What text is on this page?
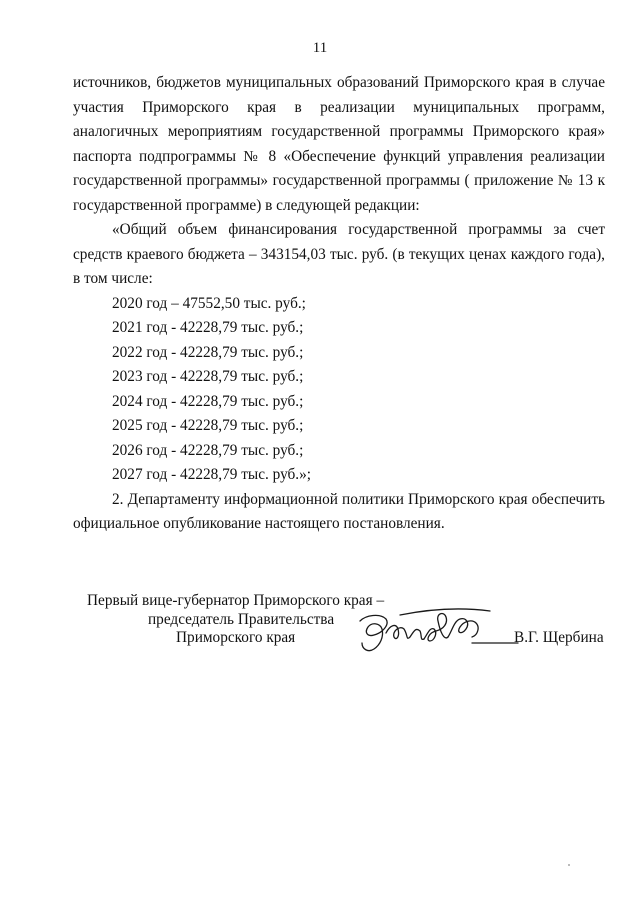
11

источников, бюджетов муниципальных образований Приморского края в случае участия Приморского края в реализации муниципальных программ, аналогичных мероприятиям государственной программы Приморского края» паспорта подпрограммы № 8 «Обеспечение функций управления реализации государственной программы» государственной программы ( приложение № 13 к государственной программе) в следующей редакции:

«Общий объем финансирования государственной программы за счет средств краевого бюджета – 343154,03 тыс. руб. (в текущих ценах каждого года), в том числе:

2020 год – 47552,50 тыс. руб.;
2021 год - 42228,79 тыс. руб.;
2022 год - 42228,79 тыс. руб.;
2023 год - 42228,79 тыс. руб.;
2024 год - 42228,79 тыс. руб.;
2025 год - 42228,79 тыс. руб.;
2026 год - 42228,79 тыс. руб.;
2027 год - 42228,79 тыс. руб.»;

2. Департаменту информационной политики Приморского края обеспечить официальное опубликование настоящего постановления.

Первый вице-губернатор Приморского края –
председатель Правительства
Приморского края	В.Г. Щербина
